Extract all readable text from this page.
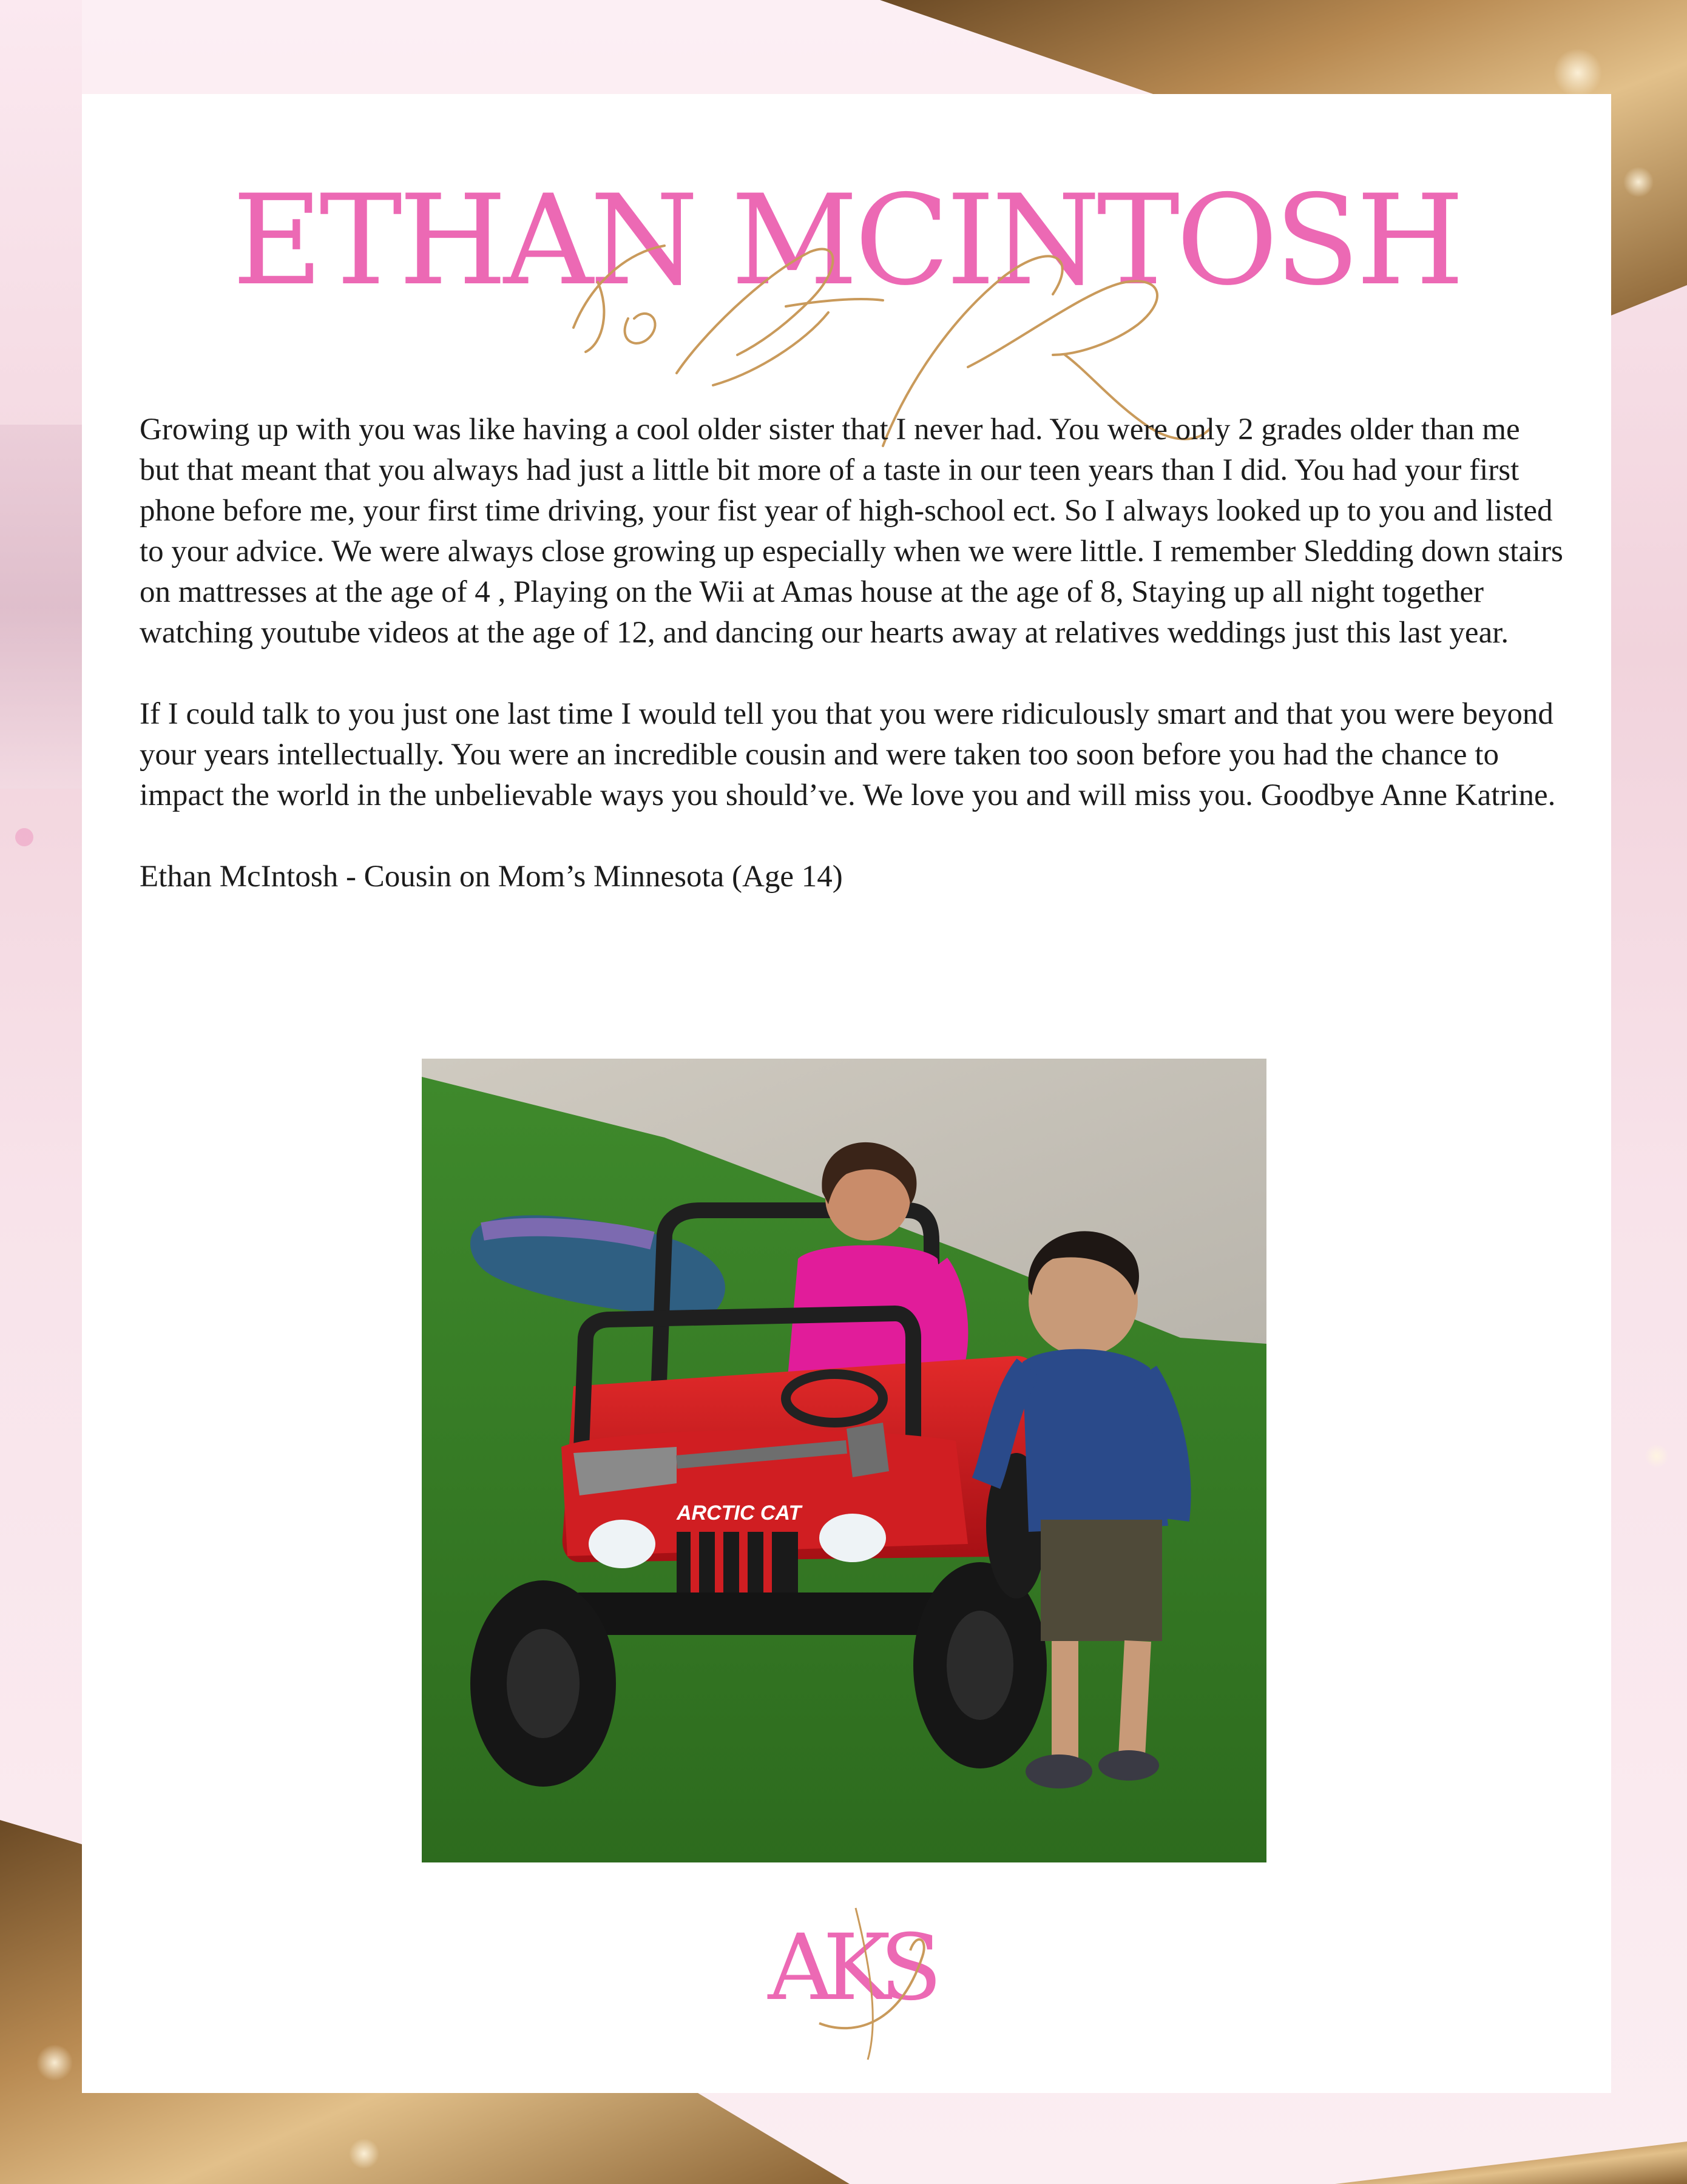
ETHAN MCINTOSH

Growing up with you was like having a cool older sister that I never had. You were only 2 grades older than me but that meant that you always had just a little bit more of a taste in our teen years than I did. You had your first phone before me, your first time driving, your fist year of high-school ect. So I always looked up to you and listed to your advice. We were always close growing up especially when we were little. I remember Sledding down stairs on mattresses at the age of 4 , Playing on the Wii at Amas house at the age of 8, Staying up all night together watching youtube videos at the age of 12, and dancing our hearts away at relatives weddings just this last year.

If I could talk to you just one last time I would tell you that you were ridiculously smart and that you were beyond your years intellectually. You were an incredible cousin and were taken too soon before you had the chance to impact the world in the unbelievable ways you should’ve. We love you and will miss you. Goodbye Anne Katrine.

Ethan McIntosh - Cousin on Mom’s Minnesota (Age 14)

ARCTIC CAT
AKS
